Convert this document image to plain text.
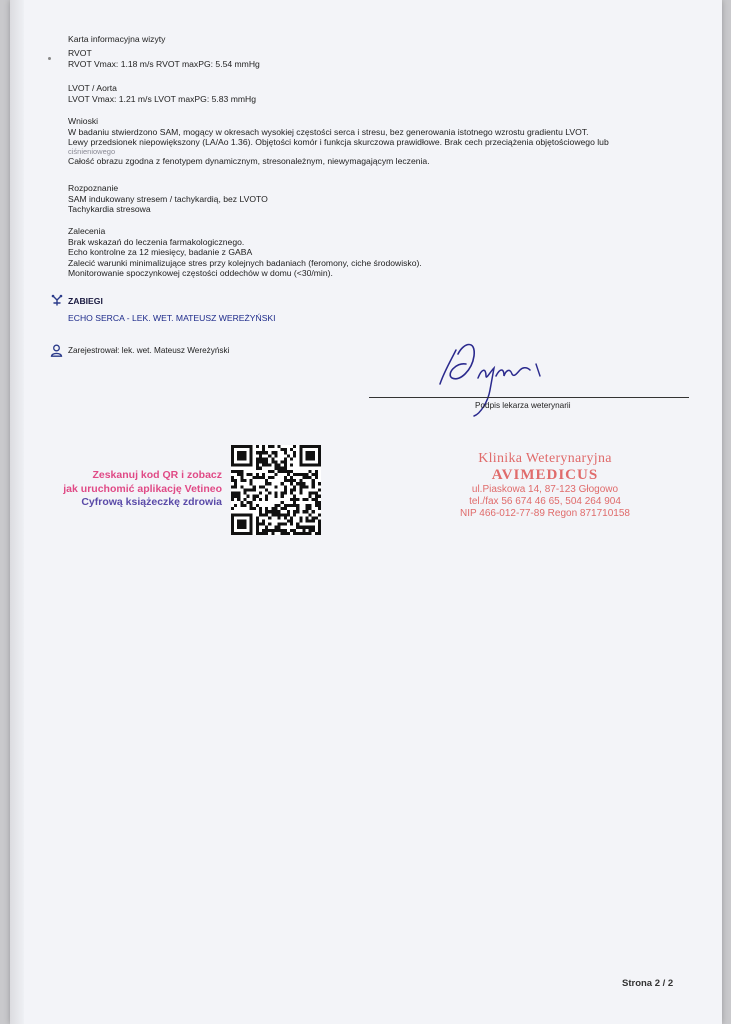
Karta informacyjna wizyty
RVOT
RVOT Vmax: 1.18 m/s RVOT maxPG: 5.54 mmHg
LVOT / Aorta
LVOT Vmax: 1.21 m/s LVOT maxPG: 5.83 mmHg
Wnioski
W badaniu stwierdzono SAM, mogący w okresach wysokiej częstości serca i stresu, bez generowania istotnego wzrostu gradientu LVOT.
Lewy przedsionek niepowiększony (LA/Ao 1.36). Objętości komór i funkcja skurczowa prawidłowe. Brak cech przeciążenia objętościowego lub
ciśnieniowego
Całość obrazu zgodna z fenotypem dynamicznym, stresonależnym, niewymagającym leczenia.
Rozpoznanie
SAM indukowany stresem / tachykardią, bez LVOTO
Tachykardia stresowa
Zalecenia
Brak wskazań do leczenia farmakologicznego.
Echo kontrolne za 12 miesięcy, badanie z GABA
Zalecić warunki minimalizujące stres przy kolejnych badaniach (feromony, ciche środowisko).
Monitorowanie spoczynkowej częstości oddechów w domu (<30/min).
ZABIEGI
ECHO SERCA - LEK. WET. MATEUSZ WEREŻYŃSKI
Zarejestrował: lek. wet. Mateusz Wereżyński
Podpis lekarza weterynarii
Zeskanuj kod QR i zobacz
jak uruchomić aplikację Vetineo
Cyfrową książeczkę zdrowia
Klinika Weterynaryjna
AVIMEDICUS
ul.Piaskowa 14, 87-123 Głogowo
tel./fax 56 674 46 65, 504 264 904
NIP 466-012-77-89 Regon 871710158
Strona 2 / 2
